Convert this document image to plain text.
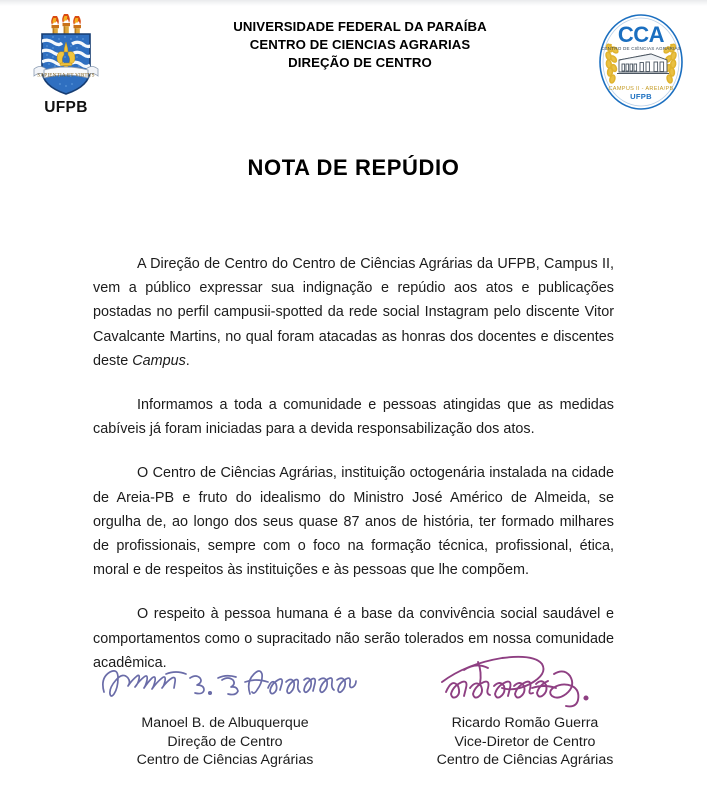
SAPIENTIA ET VIRTUS
UFPB
UNIVERSIDADE FEDERAL DA PARAÍBA
CENTRO DE CIENCIAS AGRARIAS
DIREÇÃO DE CENTRO
CCA
CENTRO DE CIÊNCIAS AGRÁRIAS
CAMPUS II - AREIA/PB
UFPB
NOTA DE REPÚDIO

A Direção de Centro do Centro de Ciências Agrárias da UFPB, Campus II, vem a público expressar sua indignação e repúdio aos atos e publicações postadas no perfil campusii-spotted da rede social Instagram pelo discente Vitor Cavalcante Martins, no qual foram atacadas as honras dos docentes e discentes deste Campus.

Informamos a toda a comunidade e pessoas atingidas que as medidas cabíveis já foram iniciadas para a devida responsabilização dos atos.

O Centro de Ciências Agrárias, instituição octogenária instalada na cidade de Areia-PB e fruto do idealismo do Ministro José Américo de Almeida, se orgulha de, ao longo dos seus quase 87 anos de história, ter formado milhares de profissionais, sempre com o foco na formação técnica, profissional, ética, moral e de respeitos às instituições e às pessoas que lhe compõem.

O respeito à pessoa humana é a base da convivência social saudável e comportamentos como o supracitado não serão tolerados em nossa comunidade acadêmica.

Manoel B. de Albuquerque
Direção de Centro
Centro de Ciências Agrárias
Ricardo Romão Guerra
Vice-Diretor de Centro
Centro de Ciências Agrárias
